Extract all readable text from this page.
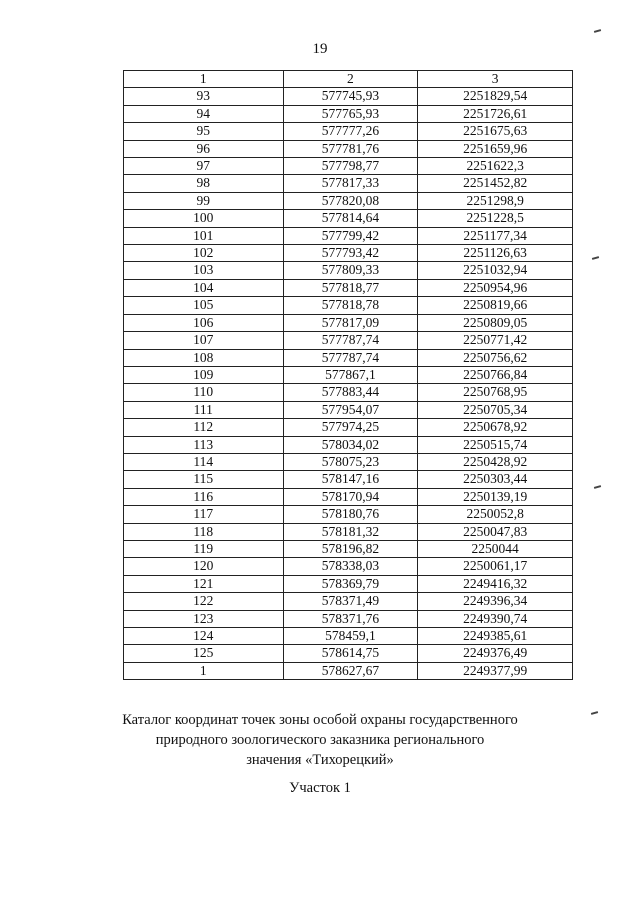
19
1	2	3
93	577745,93	2251829,54
94	577765,93	2251726,61
95	577777,26	2251675,63
96	577781,76	2251659,96
97	577798,77	2251622,3
98	577817,33	2251452,82
99	577820,08	2251298,9
100	577814,64	2251228,5
101	577799,42	2251177,34
102	577793,42	2251126,63
103	577809,33	2251032,94
104	577818,77	2250954,96
105	577818,78	2250819,66
106	577817,09	2250809,05
107	577787,74	2250771,42
108	577787,74	2250756,62
109	577867,1	2250766,84
110	577883,44	2250768,95
111	577954,07	2250705,34
112	577974,25	2250678,92
113	578034,02	2250515,74
114	578075,23	2250428,92
115	578147,16	2250303,44
116	578170,94	2250139,19
117	578180,76	2250052,8
118	578181,32	2250047,83
119	578196,82	2250044
120	578338,03	2250061,17
121	578369,79	2249416,32
122	578371,49	2249396,34
123	578371,76	2249390,74
124	578459,1	2249385,61
125	578614,75	2249376,49
1	578627,67	2249377,99
Каталог координат точек зоны особой охраны государственного
природного зоологического заказника регионального
значения «Тихорецкий»
Участок 1
